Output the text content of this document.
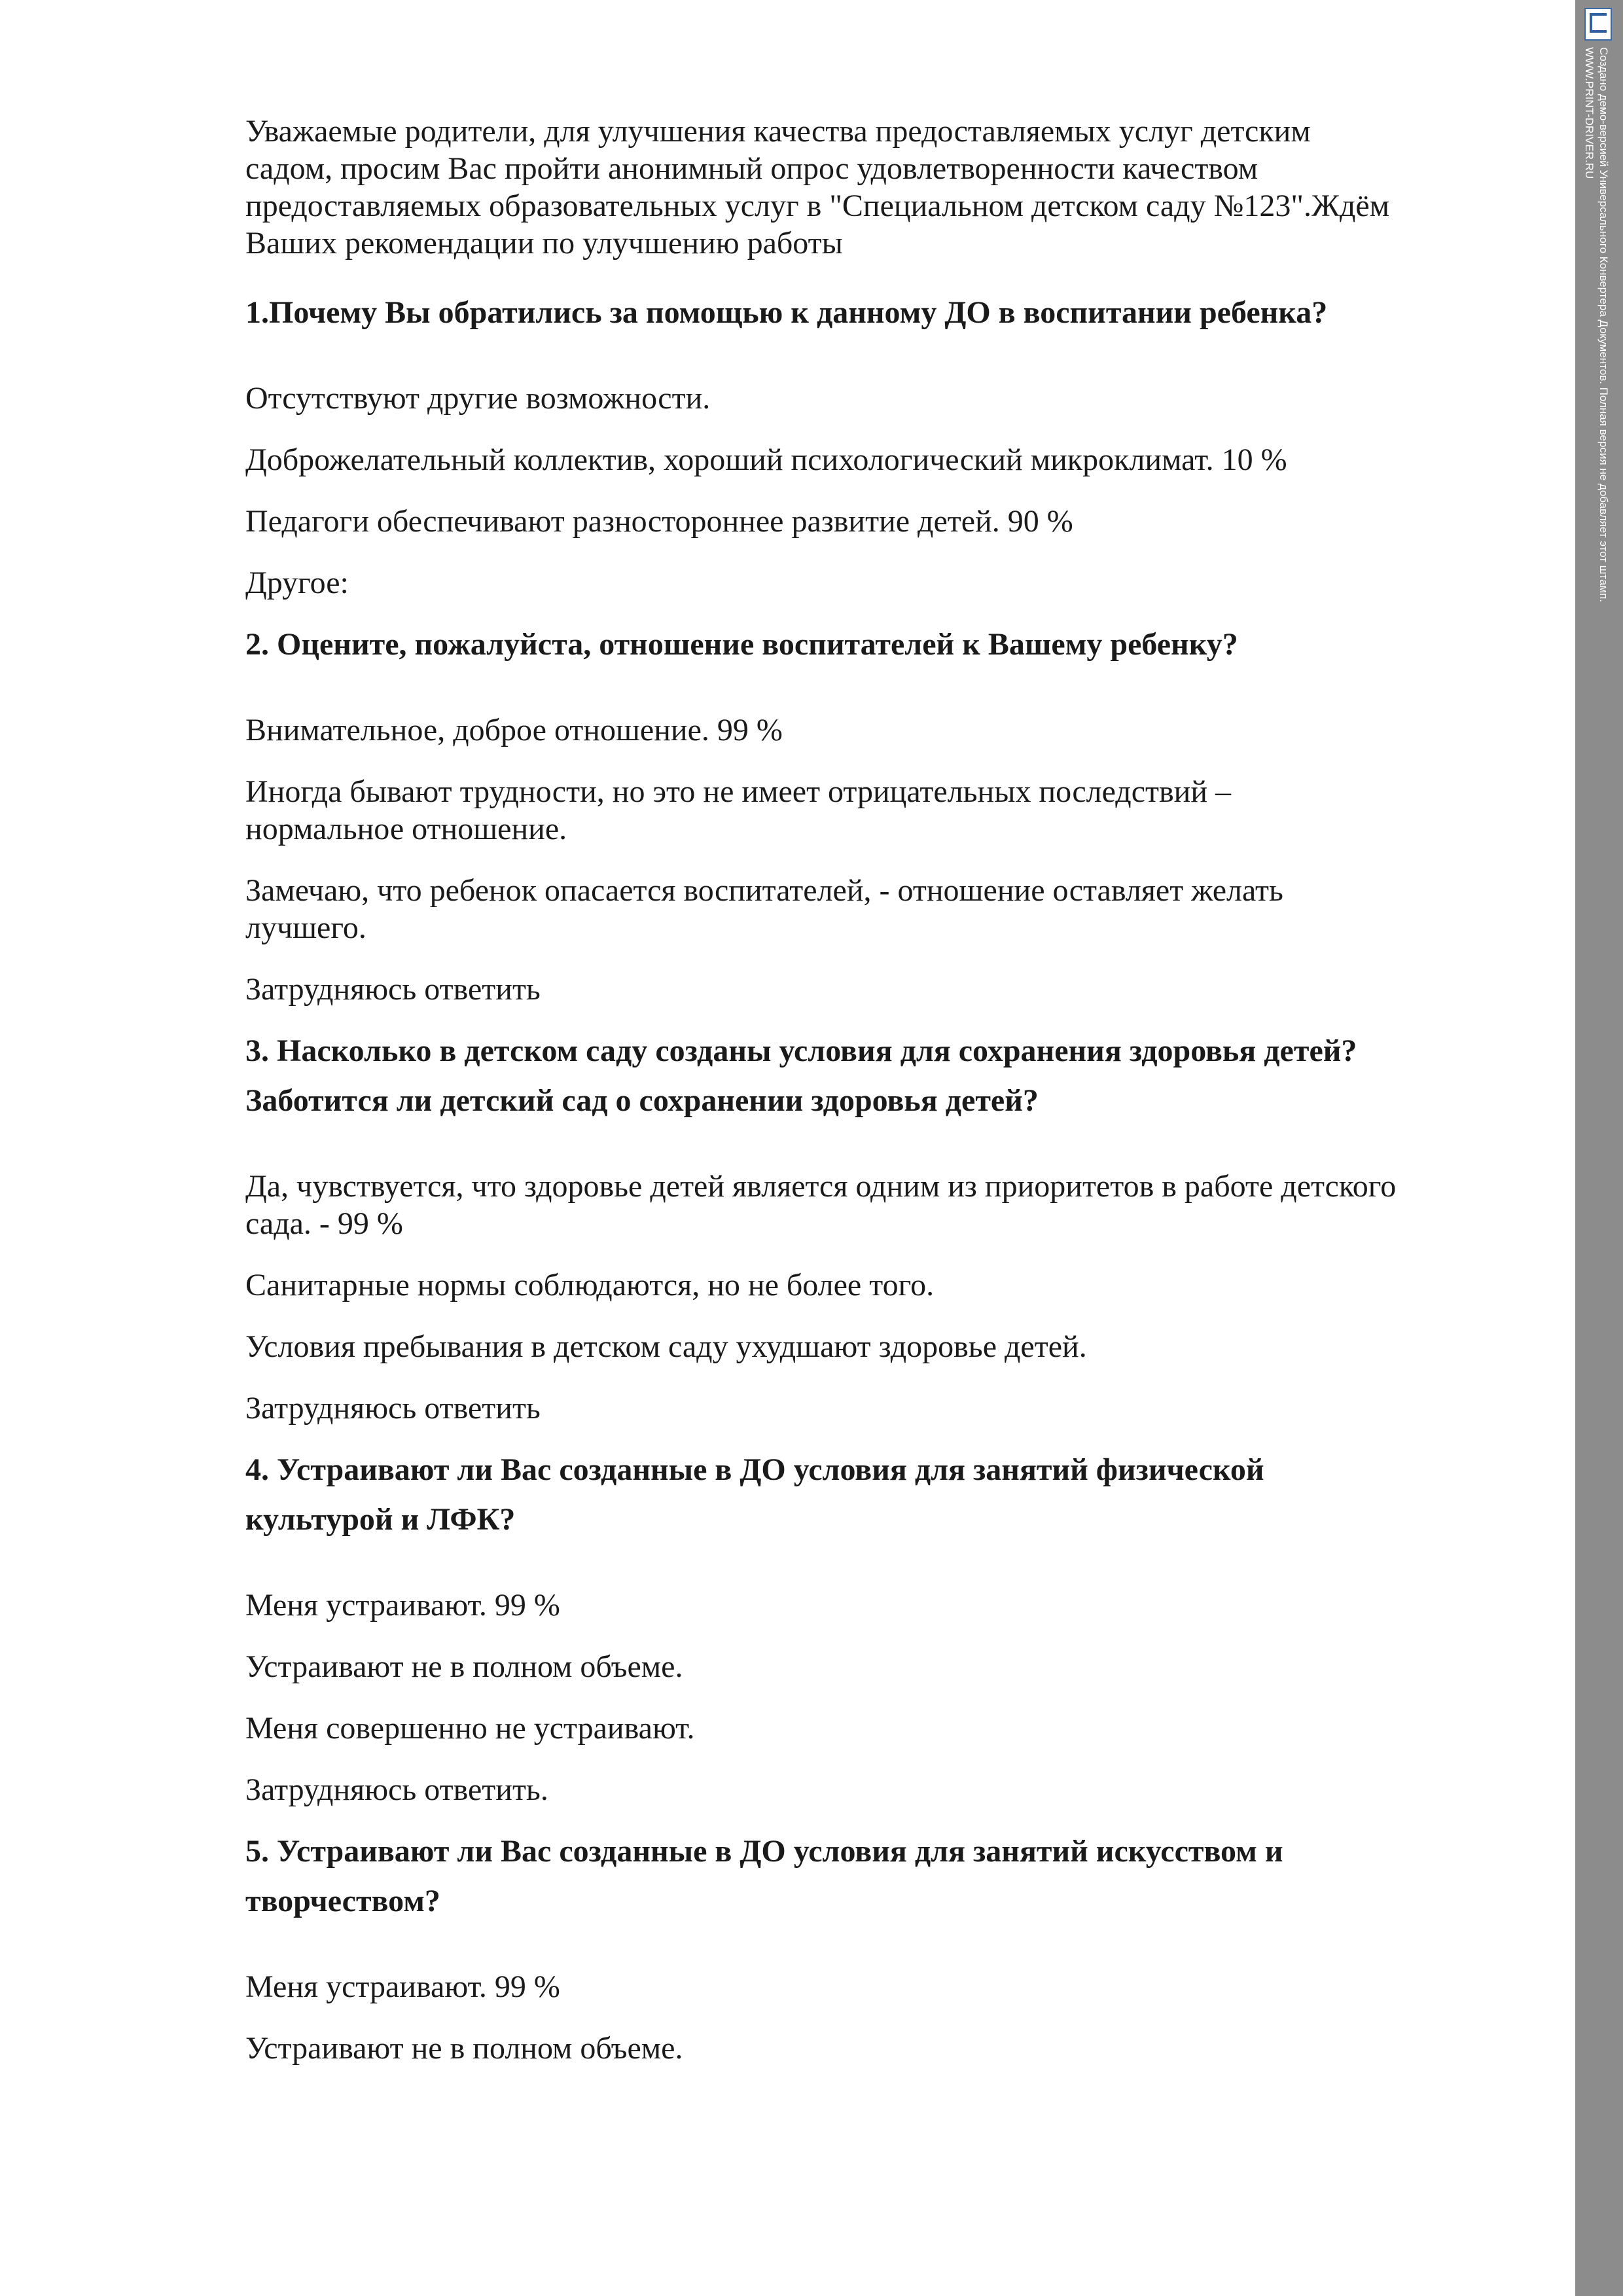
Уважаемые родители, для улучшения качества предоставляемых услуг детским садом, просим Вас пройти анонимный опрос удовлетворенности качеством предоставляемых образовательных услуг в "Специальном детском саду №123".Ждём Ваших рекомендации по улучшению работы

1.Почему Вы обратились за помощью к данному ДО в воспитании ребенка?

Отсутствуют другие возможности.
Доброжелательный коллектив, хороший психологический микроклимат. 10 %
Педагоги обеспечивают разностороннее развитие детей. 90 %
Другое:

2. Оцените, пожалуйста, отношение воспитателей к Вашему ребенку?

Внимательное, доброе отношение. 99 %
Иногда бывают трудности, но это не имеет отрицательных последствий – нормальное отношение.
Замечаю, что ребенок опасается воспитателей, - отношение оставляет желать лучшего.
Затрудняюсь ответить

3. Насколько в детском саду созданы условия для сохранения здоровья детей? Заботится ли детский сад о сохранении здоровья детей?

Да, чувствуется, что здоровье детей является одним из приоритетов в работе детского сада. - 99 %
Санитарные нормы соблюдаются, но не более того.
Условия пребывания в детском саду ухудшают здоровье детей.
Затрудняюсь ответить

4. Устраивают ли Вас созданные в ДО условия для занятий физической культурой и ЛФК?

Меня устраивают. 99 %
Устраивают не в полном объеме.
Меня совершенно не устраивают.
Затрудняюсь ответить.

5. Устраивают ли Вас созданные в ДО условия для занятий искусством и творчеством?

Меня устраивают. 99 %
Устраивают не в полном объеме.
Создано демо-версией Универсального Конвертера Документов. Полная версия не добавляет этот штамп.
WWW.PRINT-DRIVER.RU
